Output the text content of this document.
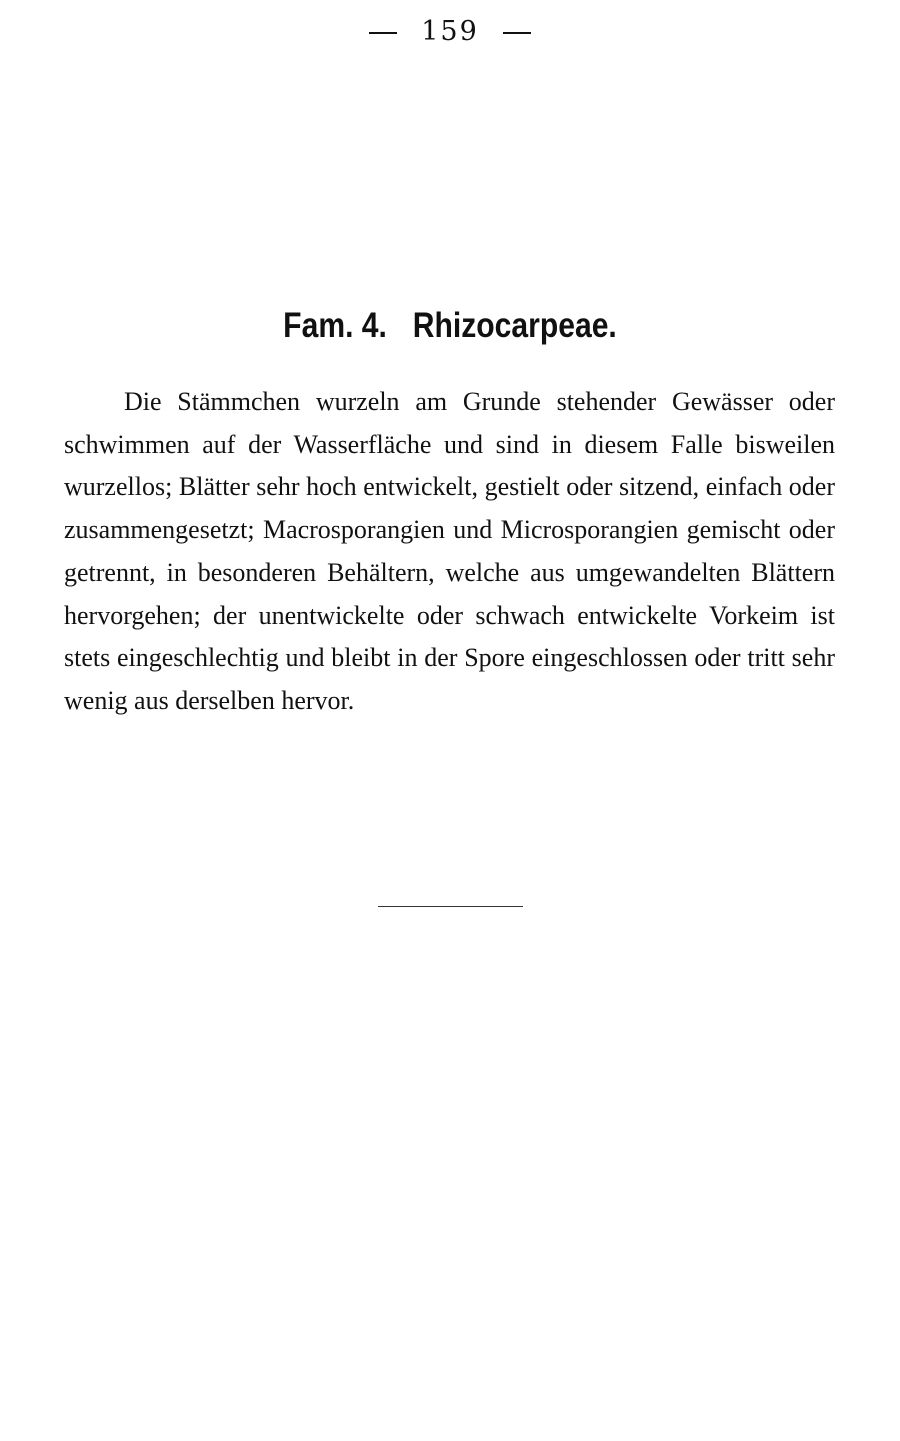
159
Fam. 4. Rhizocarpeae.

Die Stämmchen wurzeln am Grunde stehender Gewässer oder schwimmen auf der Wasserfläche und sind in diesem Falle bisweilen wurzellos; Blätter sehr hoch entwickelt, gestielt oder sitzend, einfach oder zusammengesetzt; Macrosporangien und Microsporangien gemischt oder getrennt, in besonderen Behältern, welche aus umgewandelten Blättern hervorgehen; der unentwickelte oder schwach entwickelte Vorkeim ist stets eingeschlechtig und bleibt in der Spore eingeschlossen oder tritt sehr wenig aus derselben hervor.
